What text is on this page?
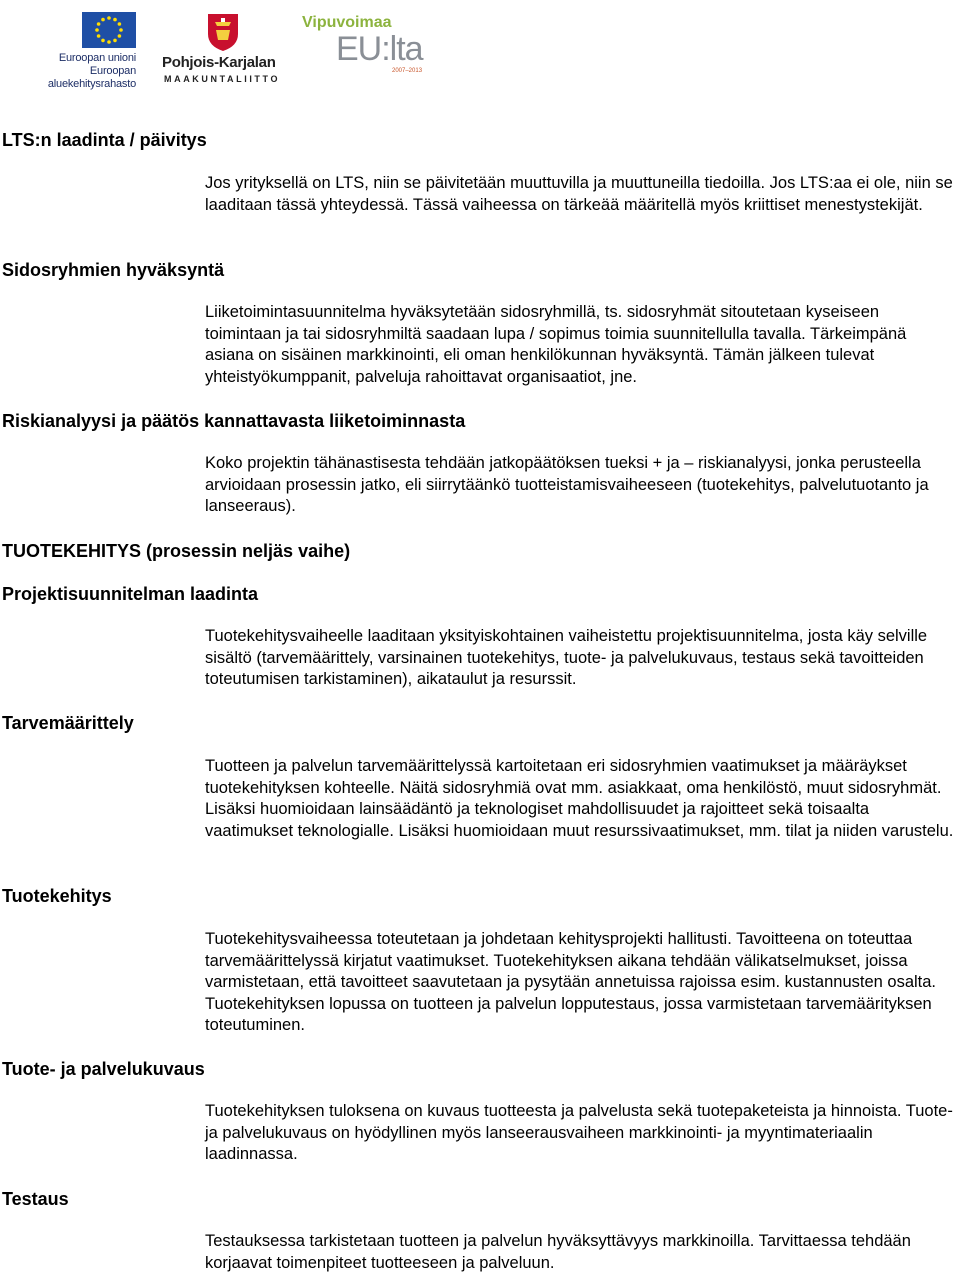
Euroopan unioni
Euroopan aluekehitysrahasto
Pohjois-Karjalan
MAAKUNTALIITTO
Vipuvoimaa
EU:lta
2007–2013
LTS:n laadinta / päivitys

Jos yrityksellä on LTS, niin se päivitetään muuttuvilla ja muuttuneilla tiedoilla. Jos LTS:aa ei ole, niin se laaditaan tässä yhteydessä. Tässä vaiheessa on tärkeää määritellä myös kriittiset menestystekijät.

Sidosryhmien hyväksyntä

Liiketoimintasuunnitelma hyväksytetään sidosryhmillä, ts. sidosryhmät sitoutetaan kyseiseen toimintaan ja tai sidosryhmiltä saadaan lupa / sopimus toimia suunnitellulla tavalla. Tärkeimpänä asiana on sisäinen markkinointi, eli oman henkilökunnan hyväksyntä. Tämän jälkeen tulevat yhteistyökumppanit, palveluja rahoittavat organisaatiot, jne.

Riskianalyysi ja päätös kannattavasta liiketoiminnasta

Koko projektin tähänastisesta tehdään jatkopäätöksen tueksi + ja – riskianalyysi, jonka perusteella arvioidaan prosessin jatko, eli siirrytäänkö tuotteistamisvaiheeseen (tuotekehitys, palvelutuotanto ja lanseeraus).

TUOTEKEHITYS (prosessin neljäs vaihe)
Projektisuunnitelman laadinta

Tuotekehitysvaiheelle laaditaan yksityiskohtainen vaiheistettu projektisuunnitelma, josta käy selville sisältö (tarvemäärittely, varsinainen tuotekehitys, tuote- ja palvelukuvaus, testaus sekä tavoitteiden toteutumisen tarkistaminen), aikataulut ja resurssit.

Tarvemäärittely

Tuotteen ja palvelun tarvemäärittelyssä kartoitetaan eri sidosryhmien vaatimukset ja määräykset tuotekehityksen kohteelle. Näitä sidosryhmiä ovat mm. asiakkaat, oma henkilöstö, muut sidosryhmät. Lisäksi huomioidaan lainsäädäntö ja teknologiset mahdollisuudet ja rajoitteet sekä toisaalta vaatimukset teknologialle. Lisäksi huomioidaan muut resurssivaatimukset, mm. tilat ja niiden varustelu.

Tuotekehitys

Tuotekehitysvaiheessa toteutetaan ja johdetaan kehitysprojekti hallitusti. Tavoitteena on toteuttaa tarvemäärittelyssä kirjatut vaatimukset. Tuotekehityksen aikana tehdään välikatselmukset, joissa varmistetaan, että tavoitteet saavutetaan ja pysytään annetuissa rajoissa esim. kustannusten osalta. Tuotekehityksen lopussa on tuotteen ja palvelun lopputestaus, jossa varmistetaan tarvemäärityksen toteutuminen.

Tuote- ja palvelukuvaus

Tuotekehityksen tuloksena on kuvaus tuotteesta ja palvelusta sekä tuotepaketeista ja hinnoista. Tuote- ja palvelukuvaus on hyödyllinen myös lanseerausvaiheen markkinointi- ja myyntimateriaalin laadinnassa.

Testaus

Testauksessa tarkistetaan tuotteen ja palvelun hyväksyttävyys markkinoilla. Tarvittaessa tehdään korjaavat toimenpiteet tuotteeseen ja palveluun.
